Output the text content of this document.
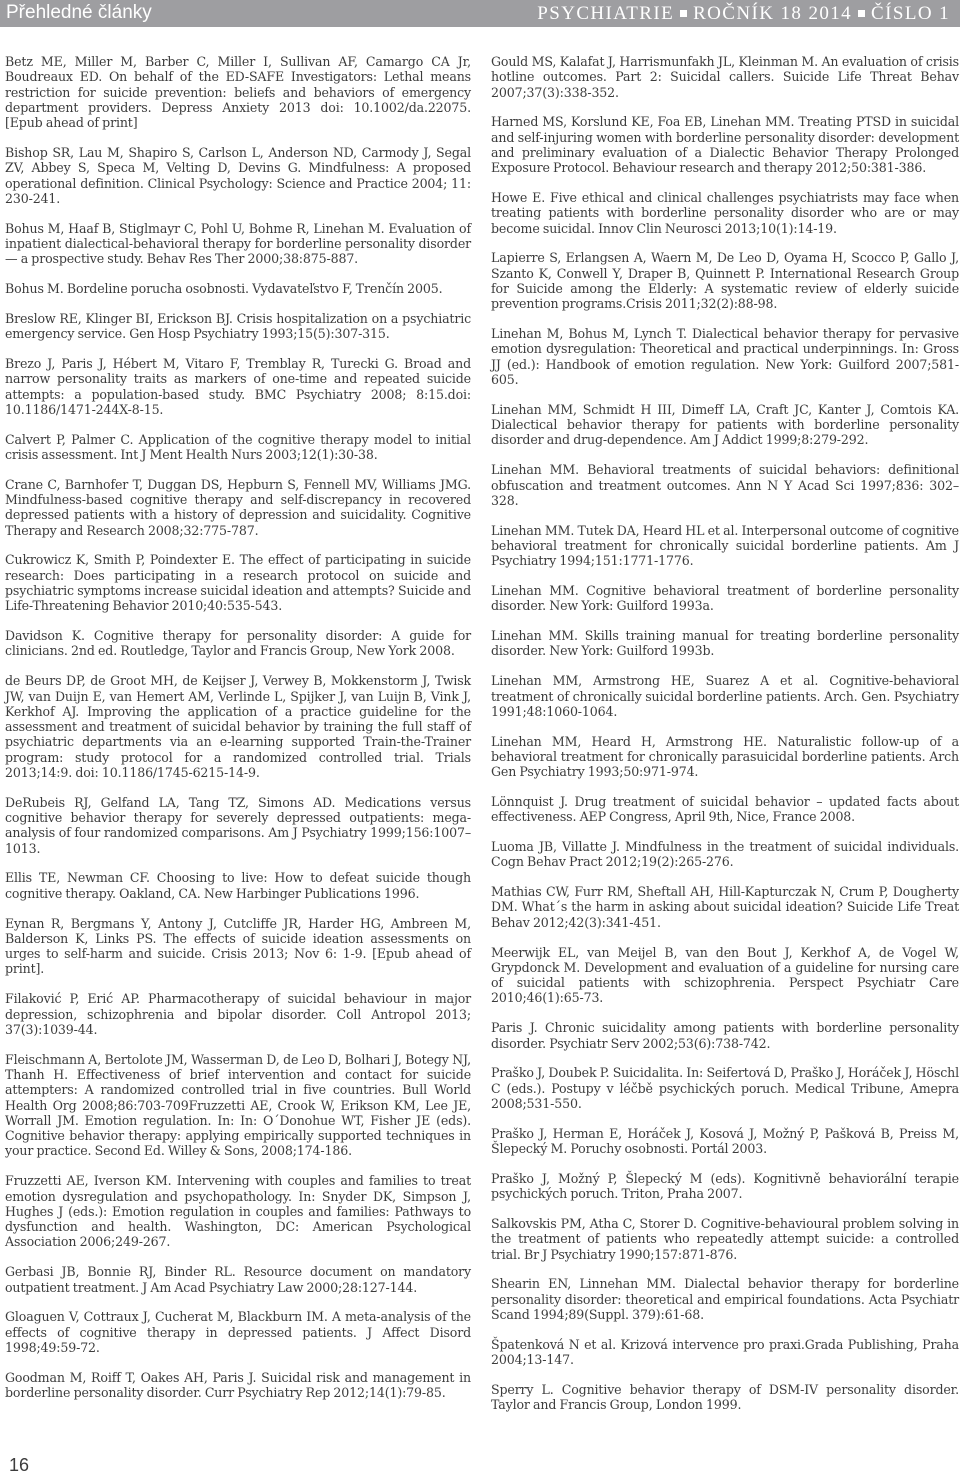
Přehledné články	PSYCHIATRIE ROČNÍK 18 2014 ČÍSLO 1

Betz ME, Miller M, Barber C, Miller I, Sullivan AF, Camargo CA Jr, Boudreaux ED. On behalf of the ED-SAFE Investigators: Lethal means restriction for suicide prevention: beliefs and behaviors of emergency department providers. Depress Anxiety 2013 doi: 10.1002/da.22075. [Epub ahead of print]

Bishop SR, Lau M, Shapiro S, Carlson L, Anderson ND, Carmody J, Segal ZV, Abbey S, Speca M, Velting D, Devins G. Mindfulness: A proposed operational definition. Clinical Psychology: Science and Practice 2004; 11: 230-241.

Bohus M, Haaf B, Stiglmayr C, Pohl U, Bohme R, Linehan M. Evaluation of inpatient dialectical-behavioral therapy for borderline personality disorder — a prospective study. Behav Res Ther 2000;38:875-887.

Bohus M. Bordeline porucha osobnosti. Vydavateľstvo F, Trenčín 2005.

Breslow RE, Klinger BI, Erickson BJ. Crisis hospitalization on a psychiatric emergency service. Gen Hosp Psychiatry 1993;15(5):307-315.

Brezo J, Paris J, Hébert M, Vitaro F, Tremblay R, Turecki G. Broad and narrow personality traits as markers of one-time and repeated suicide attempts: a population-based study. BMC Psychiatry 2008; 8:15.doi: 10.1186/1471-244X-8-15.

Calvert P, Palmer C. Application of the cognitive therapy model to initial crisis assessment. Int J Ment Health Nurs 2003;12(1):30-38.

Crane C, Barnhofer T, Duggan DS, Hepburn S, Fennell MV, Williams JMG. Mindfulness-based cognitive therapy and self-discrepancy in recovered depressed patients with a history of depression and suicidality. Cognitive Therapy and Research 2008;32:775-787.

Cukrowicz K, Smith P, Poindexter E. The effect of participating in suicide research: Does participating in a research protocol on suicide and psychiatric symptoms increase suicidal ideation and attempts? Suicide and Life-Threatening Behavior 2010;40:535-543.

Davidson K. Cognitive therapy for personality disorder: A guide for clinicians. 2nd ed. Routledge, Taylor and Francis Group, New York 2008.

de Beurs DP, de Groot MH, de Keijser J, Verwey B, Mokkenstorm J, Twisk JW, van Duijn E, van Hemert AM, Verlinde L, Spijker J, van Luijn B, Vink J, Kerkhof AJ. Improving the application of a practice guideline for the assessment and treatment of suicidal behavior by training the full staff of psychiatric departments via an e-learning supported Train-the-Trainer program: study protocol for a randomized controlled trial. Trials 2013;14:9. doi: 10.1186/1745-6215-14-9.

DeRubeis RJ, Gelfand LA, Tang TZ, Simons AD. Medications versus cognitive behavior therapy for severely depressed outpatients: mega-analysis of four randomized comparisons. Am J Psychiatry 1999;156:1007–1013.

Ellis TE, Newman CF. Choosing to live: How to defeat suicide though cognitive therapy. Oakland, CA. New Harbinger Publications 1996.

Eynan R, Bergmans Y, Antony J, Cutcliffe JR, Harder HG, Ambreen M, Balderson K, Links PS. The effects of suicide ideation assessments on urges to self-harm and suicide. Crisis 2013; Nov 6: 1-9. [Epub ahead of print].

Filaković P, Erić AP. Pharmacotherapy of suicidal behaviour in major depression, schizophrenia and bipolar disorder. Coll Antropol 2013; 37(3):1039-44.

Fleischmann A, Bertolote JM, Wasserman D, de Leo D, Bolhari J, Botegy NJ, Thanh H. Effectiveness of brief intervention and contact for suicide attempters: A randomized controlled trial in five countries. Bull World Health Org 2008;86:703-709Fruzzetti AE, Crook W, Erikson KM, Lee JE, Worrall JM. Emotion regulation. In: In: O´Donohue WT, Fisher JE (eds). Cognitive behavior therapy: applying empirically supported techniques in your practice. Second Ed. Willey & Sons, 2008;174-186.

Fruzzetti AE, Iverson KM. Intervening with couples and families to treat emotion dysregulation and psychopathology. In: Snyder DK, Simpson J, Hughes J (eds.): Emotion regulation in couples and families: Pathways to dysfunction and health. Washington, DC: American Psychological Association 2006;249-267.

Gerbasi JB, Bonnie RJ, Binder RL. Resource document on mandatory outpatient treatment. J Am Acad Psychiatry Law 2000;28:127-144.

Gloaguen V, Cottraux J, Cucherat M, Blackburn IM. A meta-analysis of the effects of cognitive therapy in depressed patients. J Affect Disord 1998;49:59-72.

Goodman M, Roiff T, Oakes AH, Paris J. Suicidal risk and management in borderline personality disorder. Curr Psychiatry Rep 2012;14(1):79-85.

Gould MS, Kalafat J, Harrismunfakh JL, Kleinman M. An evaluation of crisis hotline outcomes. Part 2: Suicidal callers. Suicide Life Threat Behav 2007;37(3):338-352.

Harned MS, Korslund KE, Foa EB, Linehan MM. Treating PTSD in suicidal and self-injuring women with borderline personality disorder: development and preliminary evaluation of a Dialectic Behavior Therapy Prolonged Exposure Protocol. Behaviour research and therapy 2012;50:381-386.

Howe E. Five ethical and clinical challenges psychiatrists may face when treating patients with borderline personality disorder who are or may become suicidal. Innov Clin Neurosci 2013;10(1):14-19.

Lapierre S, Erlangsen A, Waern M, De Leo D, Oyama H, Scocco P, Gallo J, Szanto K, Conwell Y, Draper B, Quinnett P. International Research Group for Suicide among the Elderly: A systematic review of elderly suicide prevention programs.Crisis 2011;32(2):88-98.

Linehan M, Bohus M, Lynch T. Dialectical behavior therapy for pervasive emotion dysregulation: Theoretical and practical underpinnings. In: Gross JJ (ed.): Handbook of emotion regulation. New York: Guilford 2007;581-605.

Linehan MM, Schmidt H III, Dimeff LA, Craft JC, Kanter J, Comtois KA. Dialectical behavior therapy for patients with borderline personality disorder and drug-dependence. Am J Addict 1999;8:279-292.

Linehan MM. Behavioral treatments of suicidal behaviors: definitional obfuscation and treatment outcomes. Ann N Y Acad Sci 1997;836: 302–328.

Linehan MM. Tutek DA, Heard HL et al. Interpersonal outcome of cognitive behavioral treatment for chronically suicidal borderline patients. Am J Psychiatry 1994;151:1771-1776.

Linehan MM. Cognitive behavioral treatment of borderline personality disorder. New York: Guilford 1993a.

Linehan MM. Skills training manual for treating borderline personality disorder. New York: Guilford 1993b.

Linehan MM, Armstrong HE, Suarez A et al. Cognitive-behavioral treatment of chronically suicidal borderline patients. Arch. Gen. Psychiatry 1991;48:1060-1064.

Linehan MM, Heard H, Armstrong HE. Naturalistic follow-up of a behavioral treatment for chronically parasuicidal borderline patients. Arch Gen Psychiatry 1993;50:971-974.

Lönnquist J. Drug treatment of suicidal behavior – updated facts about effectiveness. AEP Congress, April 9th, Nice, France 2008.

Luoma JB, Villatte J. Mindfulness in the treatment of suicidal individuals. Cogn Behav Pract 2012;19(2):265-276.

Mathias CW, Furr RM, Sheftall AH, Hill-Kapturczak N, Crum P, Dougherty DM. What´s the harm in asking about suicidal ideation? Suicide Life Treat Behav 2012;42(3):341-451.

Meerwijk EL, van Meijel B, van den Bout J, Kerkhof A, de Vogel W, Grypdonck M. Development and evaluation of a guideline for nursing care of suicidal patients with schizophrenia. Perspect Psychiatr Care 2010;46(1):65-73.

Paris J. Chronic suicidality among patients with borderline personality disorder. Psychiatr Serv 2002;53(6):738-742.

Praško J, Doubek P. Suicidalita. In: Seifertová D, Praško J, Horáček J, Höschl C (eds.). Postupy v léčbě psychických poruch. Medical Tribune, Amepra 2008;531-550.

Praško J, Herman E, Horáček J, Kosová J, Možný P, Pašková B, Preiss M, Šlepecký M. Poruchy osobnosti. Portál 2003.

Praško J, Možný P, Šlepecký M (eds). Kognitivně behaviorální terapie psychických poruch. Triton, Praha 2007.

Salkovskis PM, Atha C, Storer D. Cognitive-behavioural problem solving in the treatment of patients who repeatedly attempt suicide: a controlled trial. Br J Psychiatry 1990;157:871-876.

Shearin EN, Linnehan MM. Dialectal behavior therapy for borderline personality disorder: theoretical and empirical foundations. Acta Psychiatr Scand 1994;89(Suppl. 379):61-68.

Špatenková N et al. Krizová intervence pro praxi.Grada Publishing, Praha 2004;13-147.

Sperry L. Cognitive behavior therapy of DSM-IV personality disorder. Taylor and Francis Group, London 1999.

16
